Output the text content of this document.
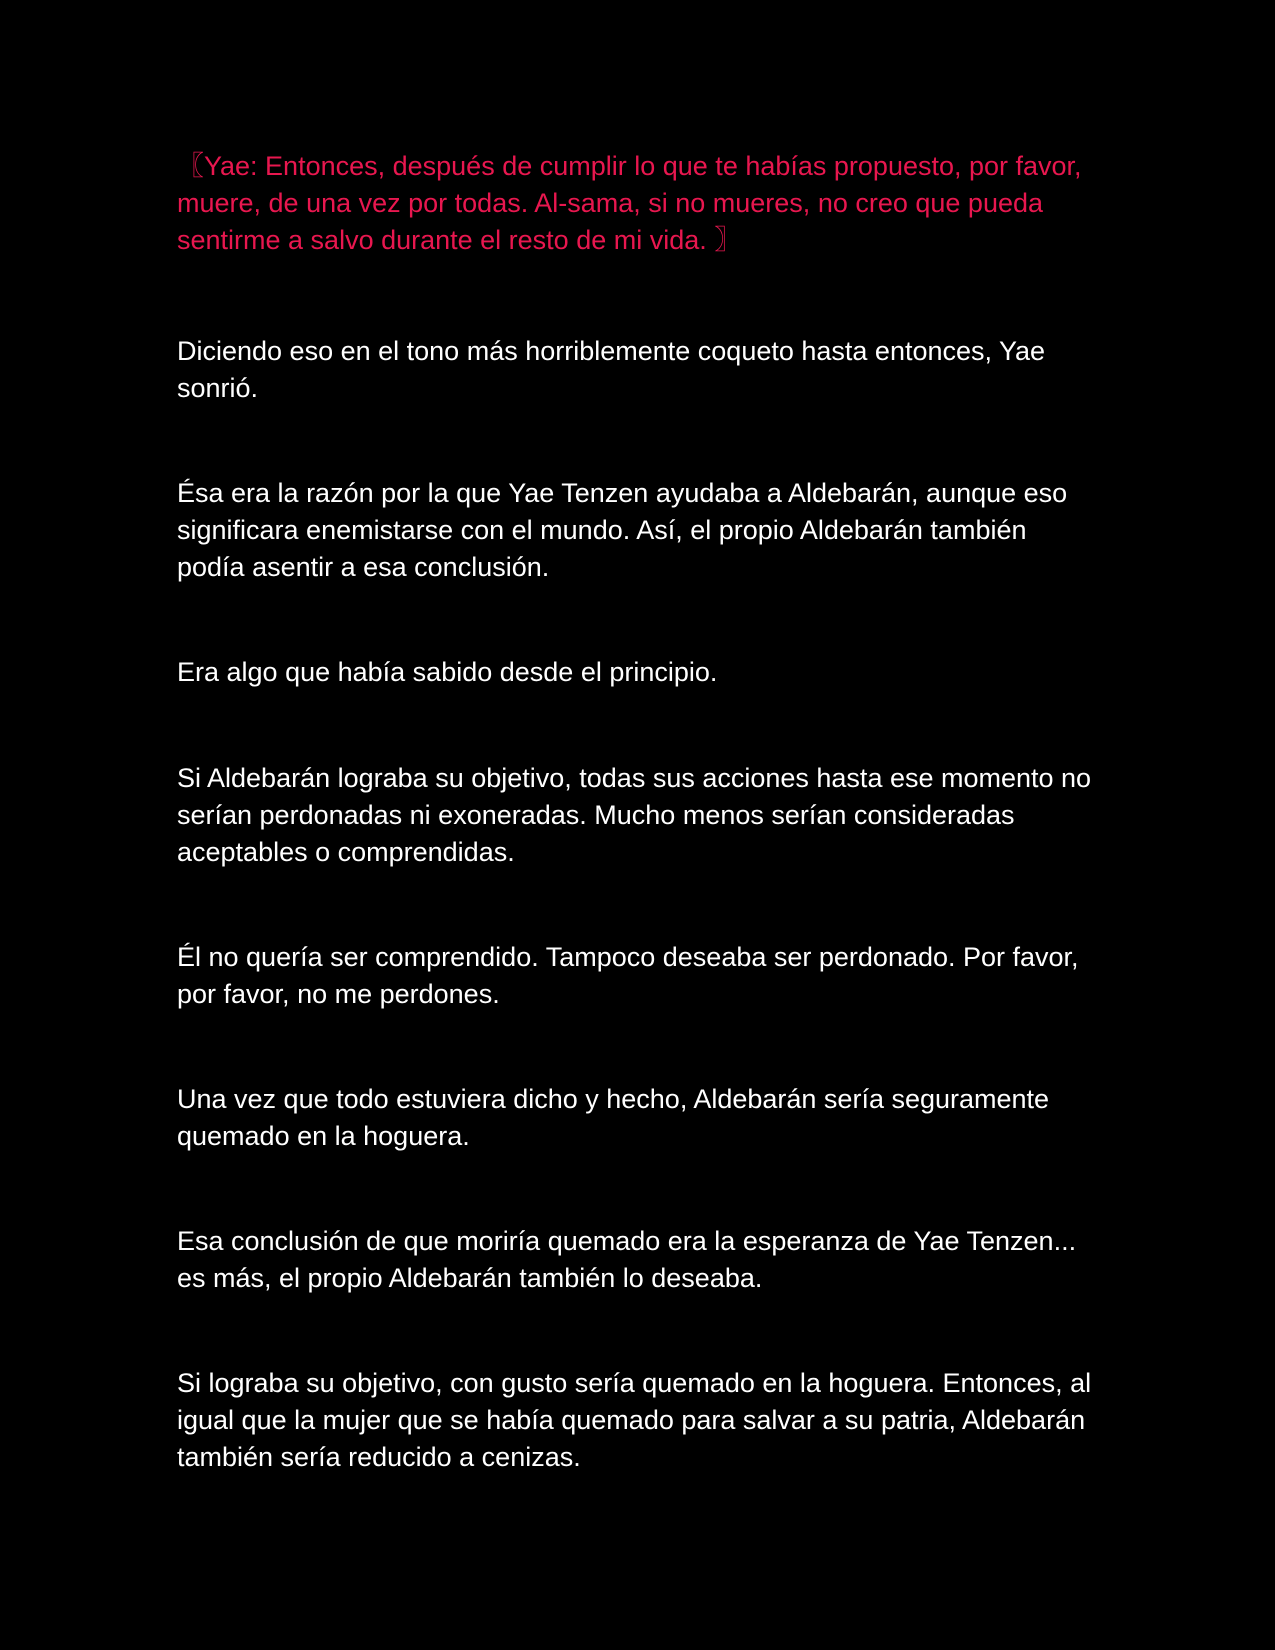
〖Yae: Entonces, después de cumplir lo que te habías propuesto, por favor, muere, de una vez por todas. Al-sama, si no mueres, no creo que pueda sentirme a salvo durante el resto de mi vida. 〗

Diciendo eso en el tono más horriblemente coqueto hasta entonces, Yae sonrió.

Ésa era la razón por la que Yae Tenzen ayudaba a Aldebarán, aunque eso significara enemistarse con el mundo. Así, el propio Aldebarán también podía asentir a esa conclusión.

Era algo que había sabido desde el principio.

Si Aldebarán lograba su objetivo, todas sus acciones hasta ese momento no serían perdonadas ni exoneradas. Mucho menos serían consideradas aceptables o comprendidas.

Él no quería ser comprendido. Tampoco deseaba ser perdonado. Por favor, por favor, no me perdones.

Una vez que todo estuviera dicho y hecho, Aldebarán sería seguramente quemado en la hoguera.

Esa conclusión de que moriría quemado era la esperanza de Yae Tenzen... es más, el propio Aldebarán también lo deseaba.

Si lograba su objetivo, con gusto sería quemado en la hoguera. Entonces, al igual que la mujer que se había quemado para salvar a su patria, Aldebarán también sería reducido a cenizas.
